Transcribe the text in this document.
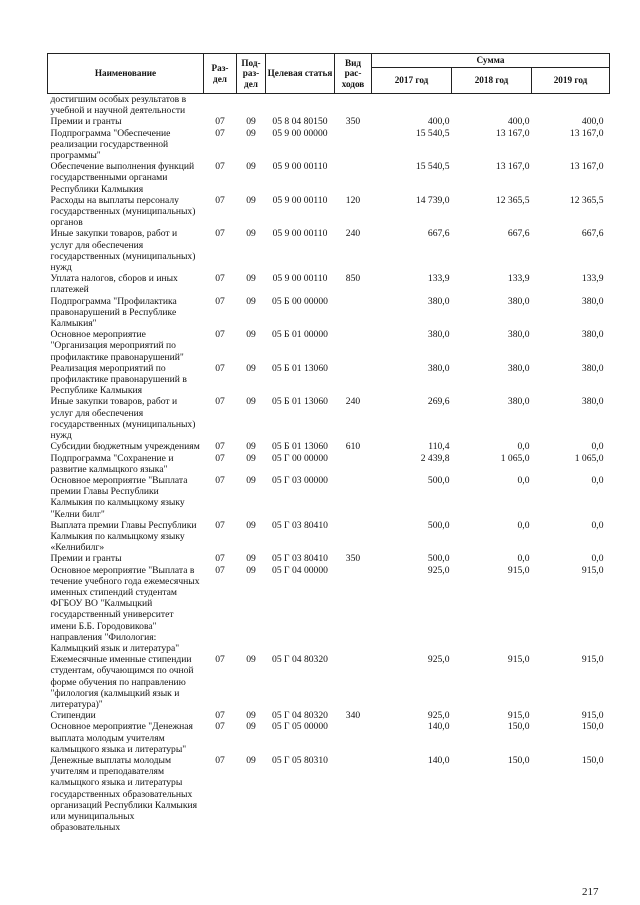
Наименование	Раз- дел	Под- раз- дел	Целевая статья	Вид рас- ходов	Сумма		
					2017 год	2018 год	2019 год
достигшим особых результатов в учебной и научной деятельности							
Премии и гранты	07	09	05 8 04 80150	350	400,0	400,0	400,0
Подпрограмма "Обеспечение реализации государственной программы"	07	09	05 9 00 00000		15 540,5	13 167,0	13 167,0
Обеспечение выполнения функций государственными органами Республики Калмыкия	07	09	05 9 00 00110		15 540,5	13 167,0	13 167,0
Расходы на выплаты персоналу государственных (муниципальных) органов	07	09	05 9 00 00110	120	14 739,0	12 365,5	12 365,5
Иные закупки товаров, работ и услуг для обеспечения государственных (муниципальных) нужд	07	09	05 9 00 00110	240	667,6	667,6	667,6
Уплата налогов, сборов и иных платежей	07	09	05 9 00 00110	850	133,9	133,9	133,9
Подпрограмма "Профилактика правонарушений в Республике Калмыкия"	07	09	05 Б 00 00000		380,0	380,0	380,0
Основное мероприятие "Организация мероприятий по профилактике правонарушений"	07	09	05 Б 01 00000		380,0	380,0	380,0
Реализация мероприятий по профилактике правонарушений в Республике Калмыкия	07	09	05 Б 01 13060		380,0	380,0	380,0
Иные закупки товаров, работ и услуг для обеспечения государственных (муниципальных) нужд	07	09	05 Б 01 13060	240	269,6	380,0	380,0
Субсидии бюджетным учреждениям	07	09	05 Б 01 13060	610	110,4	0,0	0,0
Подпрограмма "Сохранение и развитие калмыцкого языка"	07	09	05 Г 00 00000		2 439,8	1 065,0	1 065,0
Основное мероприятие "Выплата премии Главы Республики Калмыкия по калмыцкому языку "Келни билг"	07	09	05 Г 03 00000		500,0	0,0	0,0
Выплата премии Главы Республики Калмыкия по калмыцкому языку «Келнибилг»	07	09	05 Г 03 80410		500,0	0,0	0,0
Премии и гранты	07	09	05 Г 03 80410	350	500,0	0,0	0,0
Основное мероприятие "Выплата в течение учебного года ежемесячных именных стипендий студентам ФГБОУ ВО "Калмыцкий государственный университет имени Б.Б. Городовикова" направления "Филология: Калмыцкий язык и литература"	07	09	05 Г 04 00000		925,0	915,0	915,0
Ежемесячные именные стипендии студентам, обучающимся по очной форме обучения по направлению "филология (калмыцкий язык и литература)"	07	09	05 Г 04 80320		925,0	915,0	915,0
Стипендии	07	09	05 Г 04 80320	340	925,0	915,0	915,0
Основное мероприятие "Денежная выплата молодым учителям калмыцкого языка и литературы"	07	09	05 Г 05 00000		140,0	150,0	150,0
Денежные выплаты молодым учителям и преподавателям калмыцкого языка и литературы государственных образовательных организаций Республики Калмыкия или муниципальных образовательных	07	09	05 Г 05 80310		140,0	150,0	150,0
217
